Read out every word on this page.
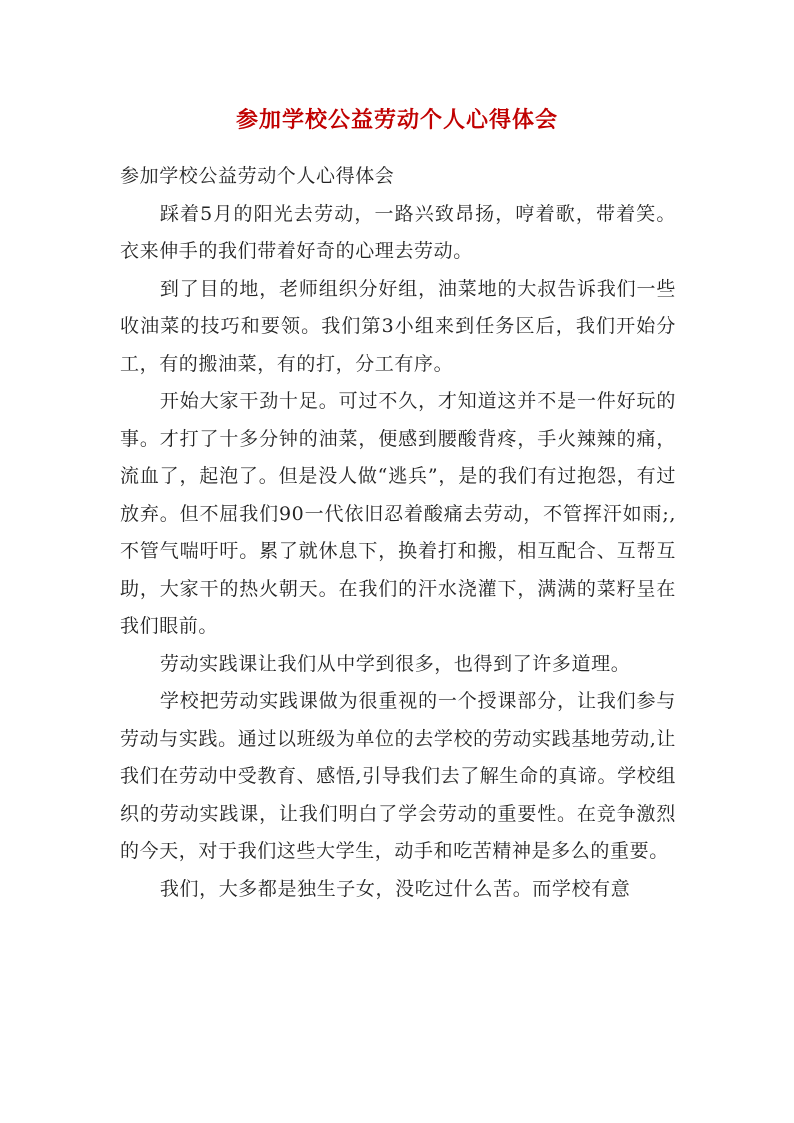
参加学校公益劳动个人心得体会

参加学校公益劳动个人心得体会

踩着5月的阳光去劳动，一路兴致昂扬，哼着歌，带着笑。衣来伸手的我们带着好奇的心理去劳动。

到了目的地，老师组织分好组，油菜地的大叔告诉我们一些收油菜的技巧和要领。我们第3小组来到任务区后，我们开始分工，有的搬油菜，有的打，分工有序。

开始大家干劲十足。可过不久，才知道这并不是一件好玩的事。才打了十多分钟的油菜，便感到腰酸背疼，手火辣辣的痛，流血了，起泡了。但是没人做“逃兵”，是的我们有过抱怨，有过放弃。但不屈我们90一代依旧忍着酸痛去劳动，不管挥汗如雨;,不管气喘吁吁。累了就休息下，换着打和搬，相互配合、互帮互助，大家干的热火朝天。在我们的汗水浇灌下，满满的菜籽呈在我们眼前。

劳动实践课让我们从中学到很多，也得到了许多道理。

学校把劳动实践课做为很重视的一个授课部分，让我们参与劳动与实践。通过以班级为单位的去学校的劳动实践基地劳动,让我们在劳动中受教育、感悟,引导我们去了解生命的真谛。学校组织的劳动实践课，让我们明白了学会劳动的重要性。在竞争激烈的今天，对于我们这些大学生，动手和吃苦精神是多么的重要。

我们，大多都是独生子女，没吃过什么苦。而学校有意
